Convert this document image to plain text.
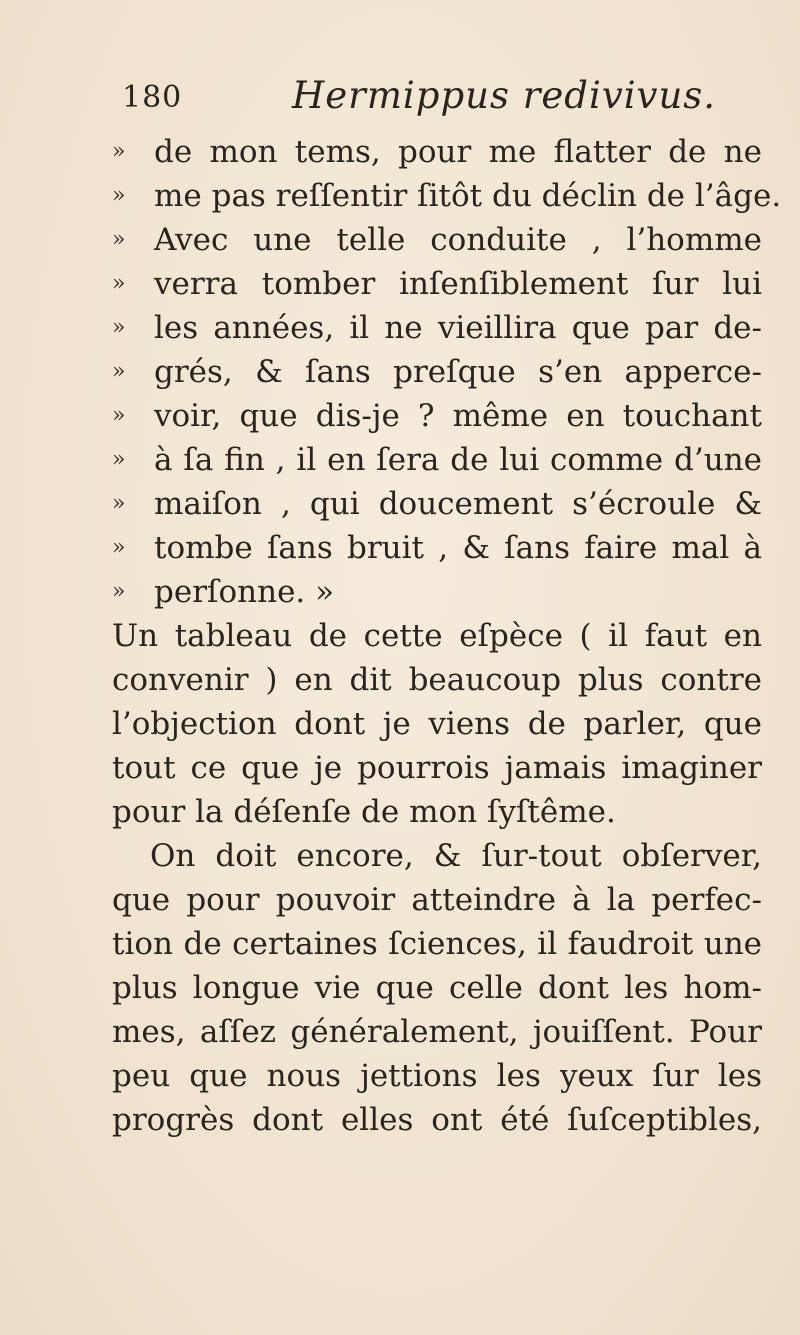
180	Hermippus redivivus.
» de mon tems, pour me flatter de ne
» me pas reſſentir ſitôt du déclin de l’âge.
» Avec une telle conduite , l’homme
» verra tomber inſenſiblement ſur lui
» les années, il ne vieillira que par de-
» grés, & ſans preſque s’en apperce-
» voir, que dis-je ? même en touchant
» à ſa fin , il en ſera de lui comme d’une
» maiſon , qui doucement s’écroule &
» tombe ſans bruit , & ſans faire mal à
» perſonne. »
Un tableau de cette eſpèce ( il faut en
convenir ) en dit beaucoup plus contre
l’objection dont je viens de parler, que
tout ce que je pourrois jamais imaginer
pour la déſenſe de mon ſyſtême.
On doit encore, & ſur-tout obſerver,
que pour pouvoir atteindre à la perfec-
tion de certaines ſciences, il faudroit une
plus longue vie que celle dont les hom-
mes, aſſez généralement, jouiſſent. Pour
peu que nous jettions les yeux ſur les
progrès dont elles ont été ſuſceptibles,
